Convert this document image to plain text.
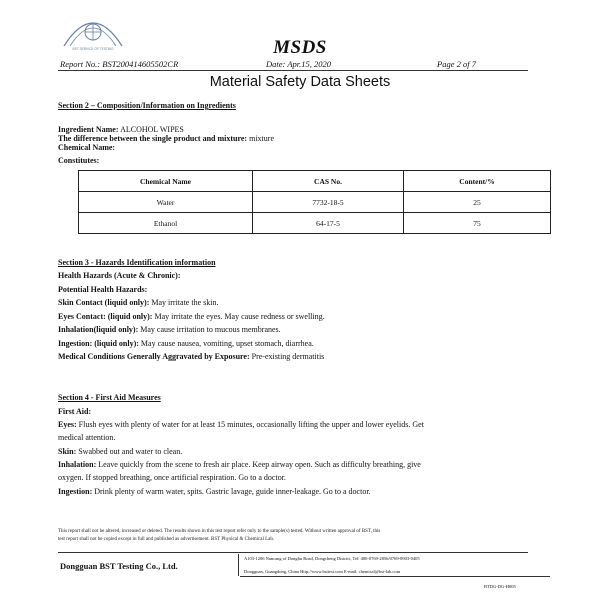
BST SERVICE OF TESTING	MSDS
Report No.: BST200414605502CR	Date: Apr.15, 2020	Page 2 of 7
Material Safety Data Sheets
Section 2 – Composition/Information on Ingredients
Ingredient Name: ALCOHOL WIPES
The difference between the single product and mixture: mixture
Chemical Name:
Constitutes:
Chemical Name	CAS No.	Content/%
Water	7732-18-5	25
Ethanol	64-17-5	75
Section 3 - Hazards Identification information
Health Hazards (Acute & Chronic):
Potential Health Hazards:
Skin Contact (liquid only): May irritate the skin.
Eyes Contact: (liquid only): May irritate the eyes. May cause redness or swelling.
Inhalation(liquid only): May cause irritation to mucous membranes.
Ingestion: (liquid only): May cause nausea, vomiting, upset stomach, diarrhea.
Medical Conditions Generally Aggravated by Exposure: Pre-existing dermatitis
Section 4 - First Aid Measures
First Aid:
Eyes: Flush eyes with plenty of water for at least 15 minutes, occasionally lifting the upper and lower eyelids. Get
medical attention.
Skin: Swabbed out and water to clean.
Inhalation: Leave quickly from the scene to fresh air place. Keep airway open. Such as difficulty breathing, give
oxygen. If stopped breathing, once artificial respiration. Go to a doctor.
Ingestion: Drink plenty of warm water, spits. Gastric lavage, guide inner-leakage. Go to a doctor.
This report shall not be altered, increased or deleted. The results shown in this test report refer only to the sample(s) tested. Without written approval of BST, this
test report shall not be copied except in full and published as advertisement. BST Physical & Chemical Lab.
Dongguan BST Testing Co., Ltd.
A103-1206 Nancang of Donghu Road, Dongcheng District, Tel: 400-0769-2856/0769-8903-0405
Dongguan, Guangdong, China Http://www.bsttest.com E-mail: chemical@bst-lab.com
BTDG-DG-H005
